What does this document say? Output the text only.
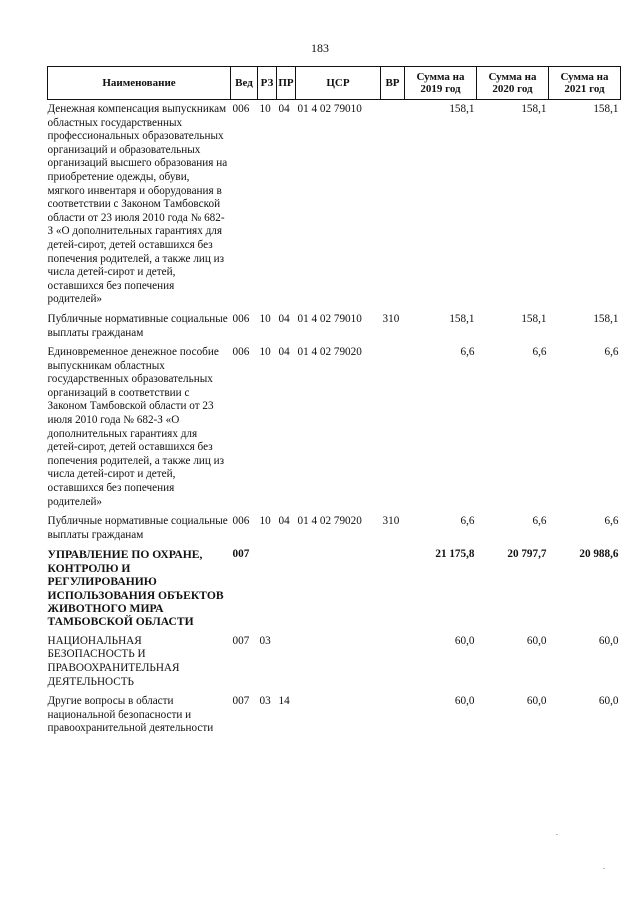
183
Наименование	Вед	РЗ	ПР	ЦСР	ВР	Сумма на 2019 год	Сумма на 2020 год	Сумма на 2021 год
Денежная компенсация выпускникам областных государственных профессиональных образовательных организаций и образовательных организаций высшего образования на приобретение одежды, обуви, мягкого инвентаря и оборудования в соответствии с Законом Тамбовской области от 23 июля 2010 года № 682-З «О дополнительных гарантиях для детей-сирот, детей оставшихся без попечения родителей, а также лиц из числа детей-сирот и детей, оставшихся без попечения родителей»	006	10	04	01 4 02 79010		158,1	158,1	158,1
Публичные нормативные социальные выплаты гражданам	006	10	04	01 4 02 79010	310	158,1	158,1	158,1
Единовременное денежное пособие выпускникам областных государственных образовательных организаций в соответствии с Законом Тамбовской области от 23 июля 2010 года № 682-З «О дополнительных гарантиях для детей-сирот, детей оставшихся без попечения родителей, а также лиц из числа детей-сирот и детей, оставшихся без попечения родителей»	006	10	04	01 4 02 79020		6,6	6,6	6,6
Публичные нормативные социальные выплаты гражданам	006	10	04	01 4 02 79020	310	6,6	6,6	6,6
УПРАВЛЕНИЕ ПО ОХРАНЕ, КОНТРОЛЮ И РЕГУЛИРОВАНИЮ ИСПОЛЬЗОВАНИЯ ОБЪЕКТОВ ЖИВОТНОГО МИРА ТАМБОВСКОЙ ОБЛАСТИ	007					21 175,8	20 797,7	20 988,6
НАЦИОНАЛЬНАЯ БЕЗОПАСНОСТЬ И ПРАВООХРАНИТЕЛЬНАЯ ДЕЯТЕЛЬНОСТЬ	007	03				60,0	60,0	60,0
Другие вопросы в области национальной безопасности и правоохранительной деятельности	007	03	14			60,0	60,0	60,0
